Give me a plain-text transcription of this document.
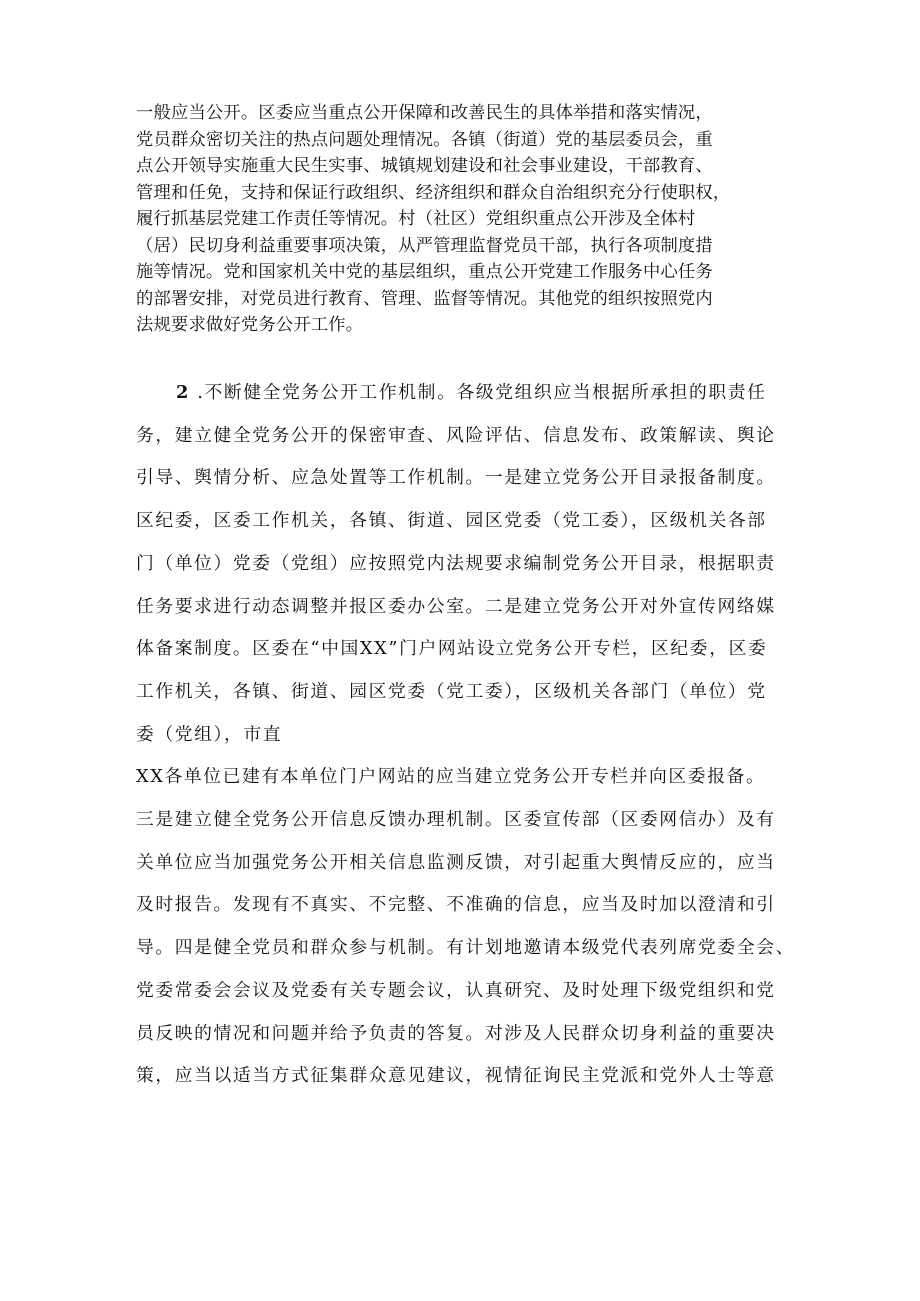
一般应当公开。区委应当重点公开保障和改善民生的具体举措和落实情况，
党员群众密切关注的热点问题处理情况。各镇（街道）党的基层委员会，重
点公开领导实施重大民生实事、城镇规划建设和社会事业建设，干部教育、
管理和任免，支持和保证行政组织、经济组织和群众自治组织充分行使职权，
履行抓基层党建工作责任等情况。村（社区）党组织重点公开涉及全体村
（居）民切身利益重要事项决策，从严管理监督党员干部，执行各项制度措
施等情况。党和国家机关中党的基层组织，重点公开党建工作服务中心任务
的部署安排，对党员进行教育、管理、监督等情况。其他党的组织按照党内
法规要求做好党务公开工作。
2 .不断健全党务公开工作机制。各级党组织应当根据所承担的职责任
务，建立健全党务公开的保密审查、风险评估、信息发布、政策解读、舆论
引导、舆情分析、应急处置等工作机制。一是建立党务公开目录报备制度。
区纪委，区委工作机关，各镇、街道、园区党委（党工委），区级机关各部
门（单位）党委（党组）应按照党内法规要求编制党务公开目录，根据职责
任务要求进行动态调整并报区委办公室。二是建立党务公开对外宣传网络媒
体备案制度。区委在“中国XX”门户网站设立党务公开专栏，区纪委，区委
工作机关，各镇、街道、园区党委（党工委），区级机关各部门（单位）党
委（党组），市直
XX各单位已建有本单位门户网站的应当建立党务公开专栏并向区委报备。
三是建立健全党务公开信息反馈办理机制。区委宣传部（区委网信办）及有
关单位应当加强党务公开相关信息监测反馈，对引起重大舆情反应的，应当
及时报告。发现有不真实、不完整、不准确的信息，应当及时加以澄清和引
导。四是健全党员和群众参与机制。有计划地邀请本级党代表列席党委全会、
党委常委会会议及党委有关专题会议，认真研究、及时处理下级党组织和党
员反映的情况和问题并给予负责的答复。对涉及人民群众切身利益的重要决
策，应当以适当方式征集群众意见建议，视情征询民主党派和党外人士等意
